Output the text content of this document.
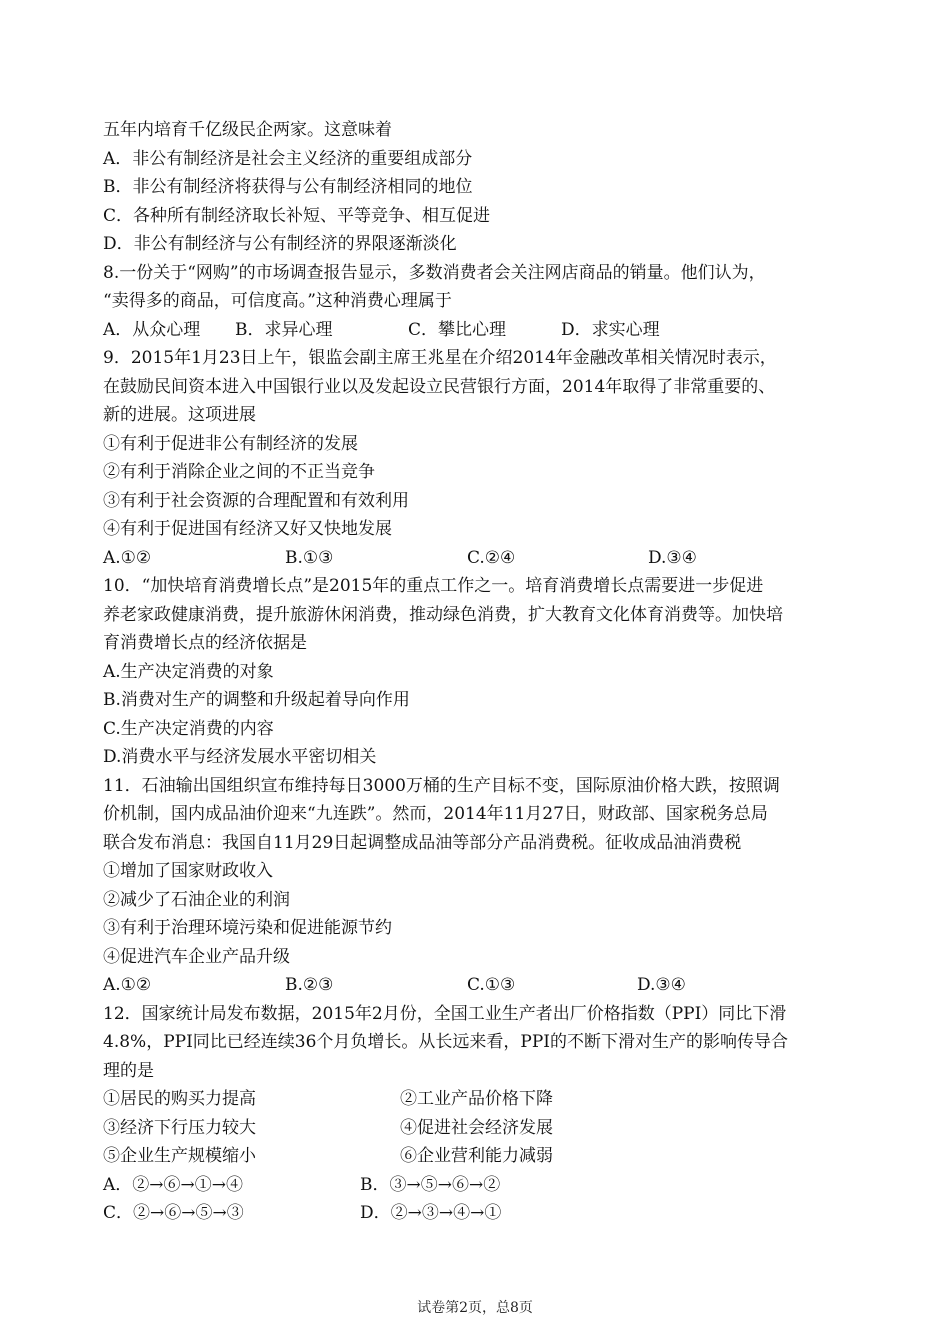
五年内培育千亿级民企两家。这意味着
A．非公有制经济是社会主义经济的重要组成部分
B．非公有制经济将获得与公有制经济相同的地位
C．各种所有制经济取长补短、平等竞争、相互促进
D．非公有制经济与公有制经济的界限逐渐淡化
8.一份关于“网购”的市场调查报告显示，多数消费者会关注网店商品的销量。他们认为，
“卖得多的商品，可信度高。”这种消费心理属于
A．从众心理 B．求异心理	C．攀比心理	D．求实心理
9．2015年1月23日上午，银监会副主席王兆星在介绍2014年金融改革相关情况时表示，
在鼓励民间资本进入中国银行业以及发起设立民营银行方面，2014年取得了非常重要的、
新的进展。这项进展
①有利于促进非公有制经济的发展
②有利于消除企业之间的不正当竞争
③有利于社会资源的合理配置和有效利用
④有利于促进国有经济又好又快地发展
A.①②	B.①③	C.②④	D.③④
10．“加快培育消费增长点”是2015年的重点工作之一。培育消费增长点需要进一步促进
养老家政健康消费，提升旅游休闲消费，推动绿色消费，扩大教育文化体育消费等。加快培
育消费增长点的经济依据是
A.生产决定消费的对象
B.消费对生产的调整和升级起着导向作用
C.生产决定消费的内容
D.消费水平与经济发展水平密切相关
11．石油输出国组织宣布维持每日3000万桶的生产目标不变，国际原油价格大跌，按照调
价机制，国内成品油价迎来“九连跌”。然而，2014年11月27日，财政部、国家税务总局
联合发布消息：我国自11月29日起调整成品油等部分产品消费税。征收成品油消费税
①增加了国家财政收入
②减少了石油企业的利润
③有利于治理环境污染和促进能源节约
④促进汽车企业产品升级
A.①②	B.②③	C.①③	D.③④
12．国家统计局发布数据，2015年2月份，全国工业生产者出厂价格指数（PPI）同比下滑
4.8%，PPI同比已经连续36个月负增长。从长远来看，PPI的不断下滑对生产的影响传导合
理的是
①居民的购买力提高	②工业产品价格下降
③经济下行压力较大	④促进社会经济发展
⑤企业生产规模缩小	⑥企业营利能力减弱
A．②→⑥→①→④	B．③→⑤→⑥→②
C．②→⑥→⑤→③	D．②→③→④→①
试卷第2页，总8页
